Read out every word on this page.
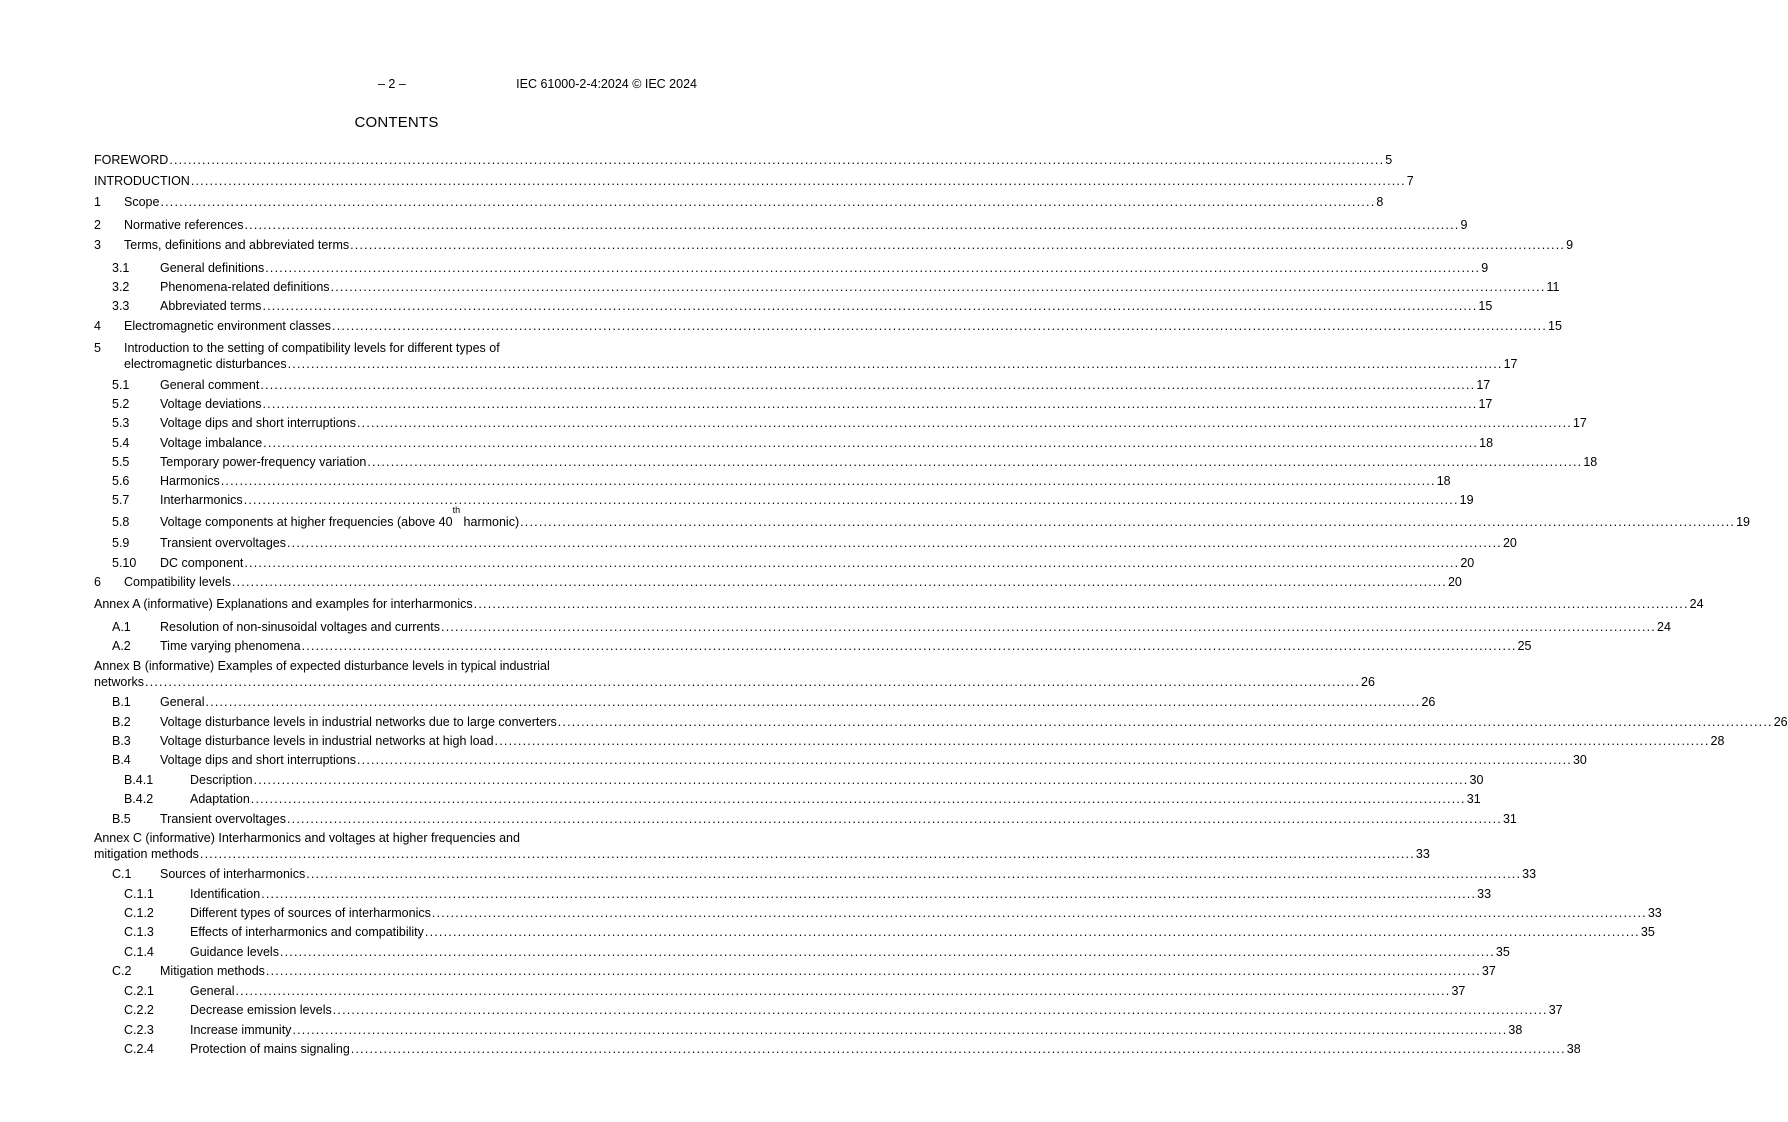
– 2 –	IEC 61000-2-4:2024 © IEC 2024
CONTENTS
FOREWORD .................................................................................................................................................................................................................................................................... 5
INTRODUCTION .................................................................................................................................................................................................................................................................... 7
1 Scope .................................................................................................................................................................................................................................................................... 8
2 Normative references .................................................................................................................................................................................................................................................................... 9
3 Terms, definitions and abbreviated terms .................................................................................................................................................................................................................................................................... 9
3.1 General definitions .................................................................................................................................................................................................................................................................... 9
3.2 Phenomena-related definitions .................................................................................................................................................................................................................................................................... 11
3.3 Abbreviated terms .................................................................................................................................................................................................................................................................... 15
4 Electromagnetic environment classes .................................................................................................................................................................................................................................................................... 15
5 Introduction to the setting of compatibility levels for different types of
electromagnetic disturbances .................................................................................................................................................................................................................................................................... 17
5.1 General comment .................................................................................................................................................................................................................................................................... 17
5.2 Voltage deviations .................................................................................................................................................................................................................................................................... 17
5.3 Voltage dips and short interruptions .................................................................................................................................................................................................................................................................... 17
5.4 Voltage imbalance .................................................................................................................................................................................................................................................................... 18
5.5 Temporary power-frequency variation .................................................................................................................................................................................................................................................................... 18
5.6 Harmonics .................................................................................................................................................................................................................................................................... 18
5.7 Interharmonics .................................................................................................................................................................................................................................................................... 19
5.8 Voltage components at higher frequencies (above 40th harmonic) .................................................................................................................................................................................................................................................................... 19
5.9 Transient overvoltages .................................................................................................................................................................................................................................................................... 20
5.10 DC component .................................................................................................................................................................................................................................................................... 20
6 Compatibility levels .................................................................................................................................................................................................................................................................... 20
Annex A (informative) Explanations and examples for interharmonics .................................................................................................................................................................................................................................................................... 24
A.1 Resolution of non-sinusoidal voltages and currents .................................................................................................................................................................................................................................................................... 24
A.2 Time varying phenomena .................................................................................................................................................................................................................................................................... 25
Annex B (informative) Examples of expected disturbance levels in typical industrial
networks .................................................................................................................................................................................................................................................................... 26
B.1 General .................................................................................................................................................................................................................................................................... 26
B.2 Voltage disturbance levels in industrial networks due to large converters .................................................................................................................................................................................................................................................................... 26
B.3 Voltage disturbance levels in industrial networks at high load .................................................................................................................................................................................................................................................................... 28
B.4 Voltage dips and short interruptions .................................................................................................................................................................................................................................................................... 30
B.4.1	Description .................................................................................................................................................................................................................................................................... 30
B.4.2	Adaptation .................................................................................................................................................................................................................................................................... 31
B.5 Transient overvoltages .................................................................................................................................................................................................................................................................... 31
Annex C (informative) Interharmonics and voltages at higher frequencies and
mitigation methods .................................................................................................................................................................................................................................................................... 33
C.1 Sources of interharmonics .................................................................................................................................................................................................................................................................... 33
C.1.1	Identification .................................................................................................................................................................................................................................................................... 33
C.1.2	Different types of sources of interharmonics .................................................................................................................................................................................................................................................................... 33
C.1.3	Effects of interharmonics and compatibility .................................................................................................................................................................................................................................................................... 35
C.1.4	Guidance levels .................................................................................................................................................................................................................................................................... 35
C.2 Mitigation methods .................................................................................................................................................................................................................................................................... 37
C.2.1	General .................................................................................................................................................................................................................................................................... 37
C.2.2	Decrease emission levels .................................................................................................................................................................................................................................................................... 37
C.2.3	Increase immunity .................................................................................................................................................................................................................................................................... 38
C.2.4	Protection of mains signaling .................................................................................................................................................................................................................................................................... 38
